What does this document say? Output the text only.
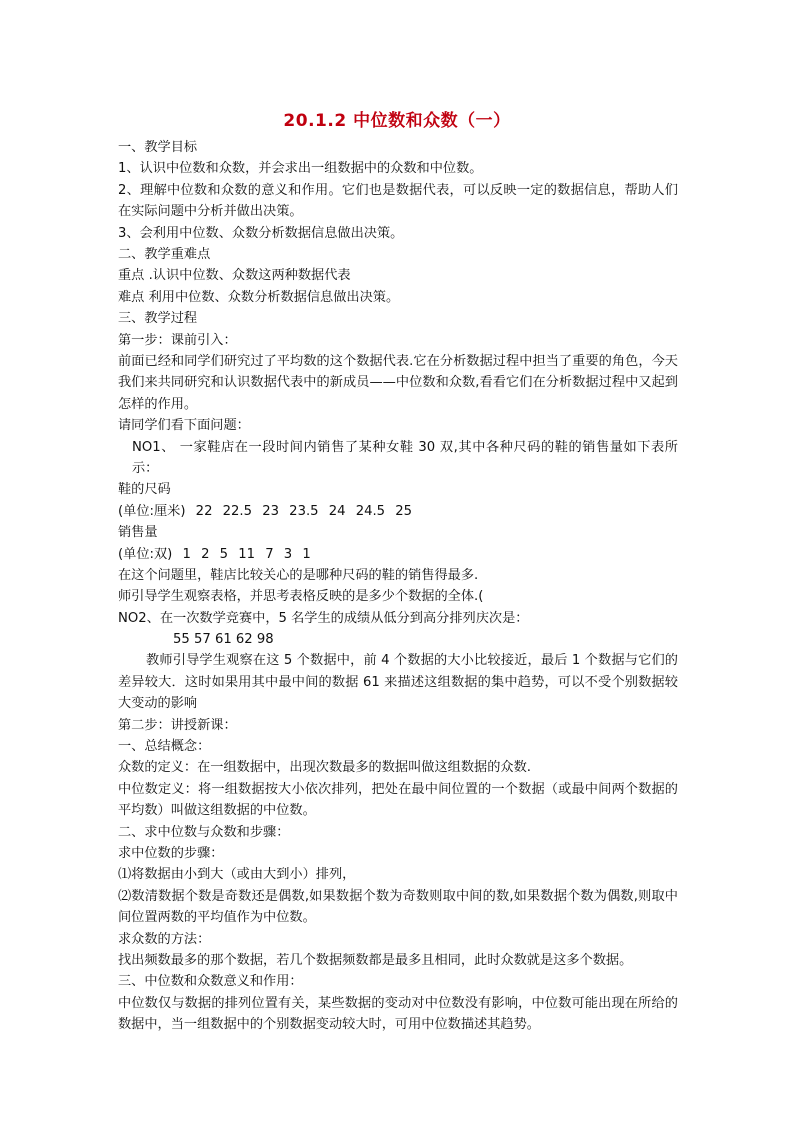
20.1.2 中位数和众数（一）
一、教学目标
1、认识中位数和众数，并会求出一组数据中的众数和中位数。
2、理解中位数和众数的意义和作用。它们也是数据代表，可以反映一定的数据信息，帮助人们在实际问题中分析并做出决策。
3、会利用中位数、众数分析数据信息做出决策。
二、教学重难点
重点 .认识中位数、众数这两种数据代表
难点 利用中位数、众数分析数据信息做出决策。
三、教学过程
第一步：课前引入：
前面已经和同学们研究过了平均数的这个数据代表.它在分析数据过程中担当了重要的角色，今天我们来共同研究和认识数据代表中的新成员——中位数和众数,看看它们在分析数据过程中又起到怎样的作用。
请同学们看下面问题：
NO1、 一家鞋店在一段时间内销售了某种女鞋 30 双,其中各种尺码的鞋的销售量如下表所示：
鞋的尺码
(单位:厘米) 22 22.5 23 23.5 24 24.5 25
销售量
(单位:双) 1 2 5 11 7 3 1
在这个问题里，鞋店比较关心的是哪种尺码的鞋的销售得最多.
师引导学生观察表格，并思考表格反映的是多少个数据的全体.(
NO2、在一次数学竞赛中，5 名学生的成绩从低分到高分排列庆次是：
55 57 61 62 98
教师引导学生观察在这 5 个数据中，前 4 个数据的大小比较接近，最后 1 个数据与它们的差异较大．这时如果用其中最中间的数据 61 来描述这组数据的集中趋势，可以不受个别数据较大变动的影响
第二步：讲授新课：
一、总结概念：
众数的定义：在一组数据中，出现次数最多的数据叫做这组数据的众数.
中位数定义：将一组数据按大小依次排列，把处在最中间位置的一个数据（或最中间两个数据的平均数）叫做这组数据的中位数。
二、求中位数与众数和步骤：
求中位数的步骤：
⑴将数据由小到大（或由大到小）排列，
⑵数清数据个数是奇数还是偶数,如果数据个数为奇数则取中间的数,如果数据个数为偶数,则取中间位置两数的平均值作为中位数。
求众数的方法：
找出频数最多的那个数据，若几个数据频数都是最多且相同，此时众数就是这多个数据。
三、中位数和众数意义和作用：
中位数仅与数据的排列位置有关，某些数据的变动对中位数没有影响，中位数可能出现在所给的数据中，当一组数据中的个别数据变动较大时，可用中位数描述其趋势。
